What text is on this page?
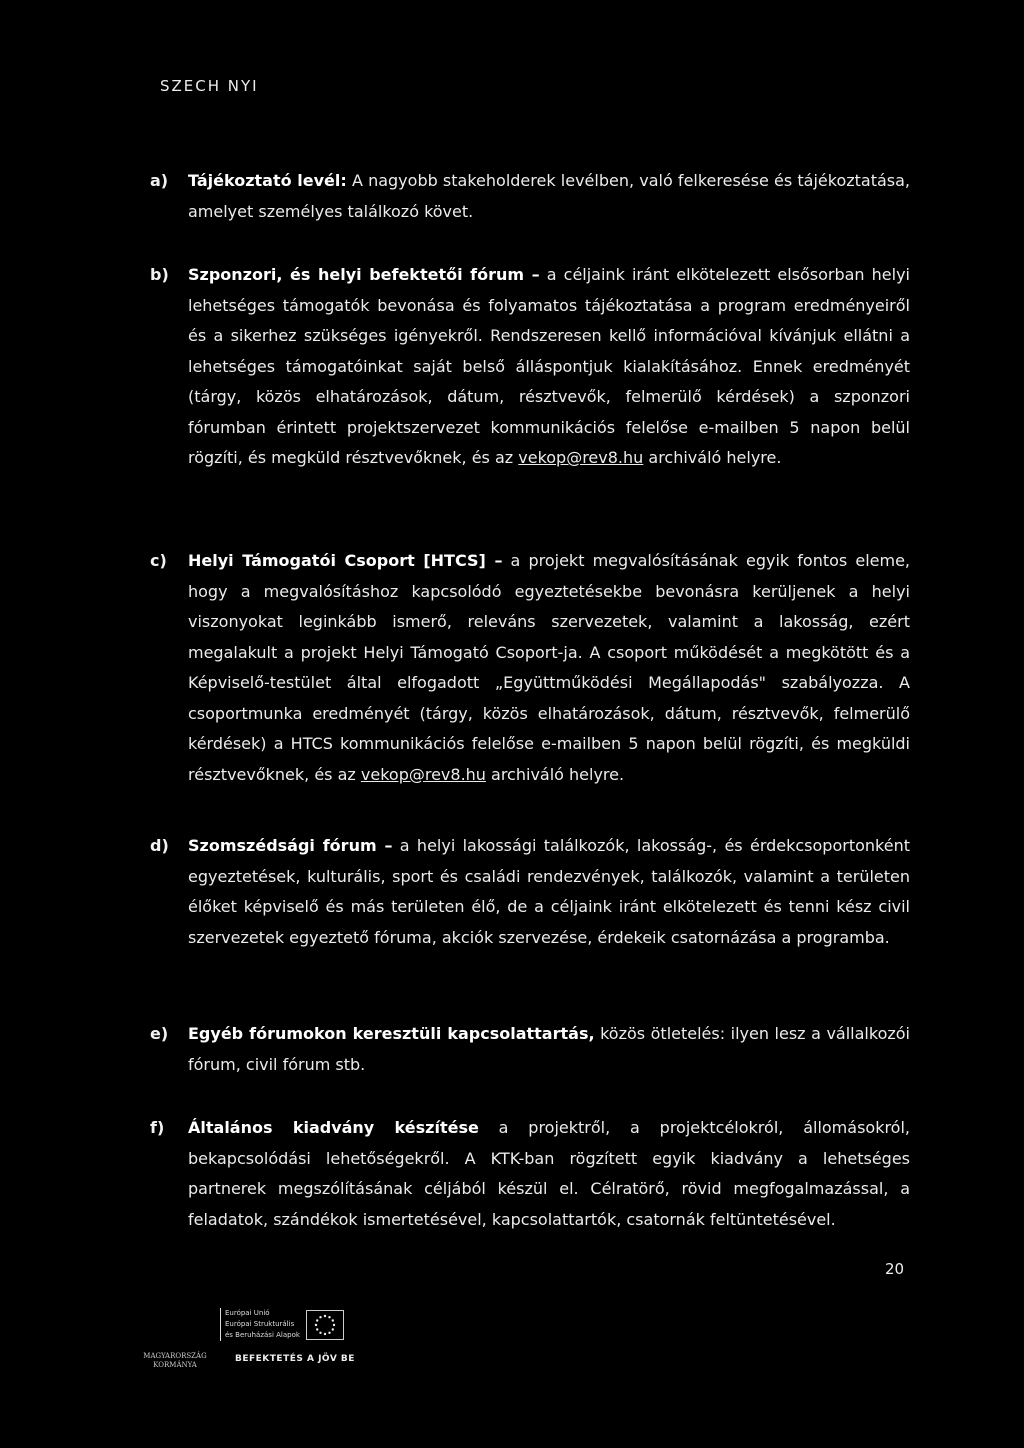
SZECH NYI
a) Tájékoztató levél: A nagyobb stakeholderek levélben, való felkeresése és tájékoztatása, amelyet személyes találkozó követ.
b) Szponzori, és helyi befektetői fórum – a céljaink iránt elkötelezett elsősorban helyi lehetséges támogatók bevonása és folyamatos tájékoztatása a program eredményeiről és a sikerhez szükséges igényekről. Rendszeresen kellő információval kívánjuk ellátni a lehetséges támogatóinkat saját belső álláspontjuk kialakításához. Ennek eredményét (tárgy, közös elhatározások, dátum, résztvevők, felmerülő kérdések) a szponzori fórumban érintett projektszervezet kommunikációs felelőse e-mailben 5 napon belül rögzíti, és megküld résztvevőknek, és az vekop@rev8.hu archiváló helyre.
c) Helyi Támogatói Csoport [HTCS] – a projekt megvalósításának egyik fontos eleme, hogy a megvalósításhoz kapcsolódó egyeztetésekbe bevonásra kerüljenek a helyi viszonyokat leginkább ismerő, releváns szervezetek, valamint a lakosság, ezért megalakult a projekt Helyi Támogató Csoport-ja. A csoport működését a megkötött és a Képviselő-testület által elfogadott „Együttműködési Megállapodás" szabályozza. A csoportmunka eredményét (tárgy, közös elhatározások, dátum, résztvevők, felmerülő kérdések) a HTCS kommunikációs felelőse e-mailben 5 napon belül rögzíti, és megküldi résztvevőknek, és az vekop@rev8.hu archiváló helyre.
d) Szomszédsági fórum – a helyi lakossági találkozók, lakosság-, és érdekcsoportonként egyeztetések, kulturális, sport és családi rendezvények, találkozók, valamint a területen élőket képviselő és más területen élő, de a céljaink iránt elkötelezett és tenni kész civil szervezetek egyeztető fóruma, akciók szervezése, érdekeik csatornázása a programba.
e) Egyéb fórumokon keresztüli kapcsolattartás, közös ötletelés: ilyen lesz a vállalkozói fórum, civil fórum stb.
f) Általános kiadvány készítése a projektről, a projektcélokról, állomásokról, bekapcsolódási lehetőségekről. A KTK-ban rögzített egyik kiadvány a lehetséges partnerek megszólításának céljából készül el. Célratörő, rövid megfogalmazással, a feladatok, szándékok ismertetésével, kapcsolattartók, csatornák feltüntetésével.
20
Európai Unió
Európai Strukturális
és Beruházási Alapok
MAGYARORSZÁG
KORMÁNYA
BEFEKTETÉS A JÖV BE
